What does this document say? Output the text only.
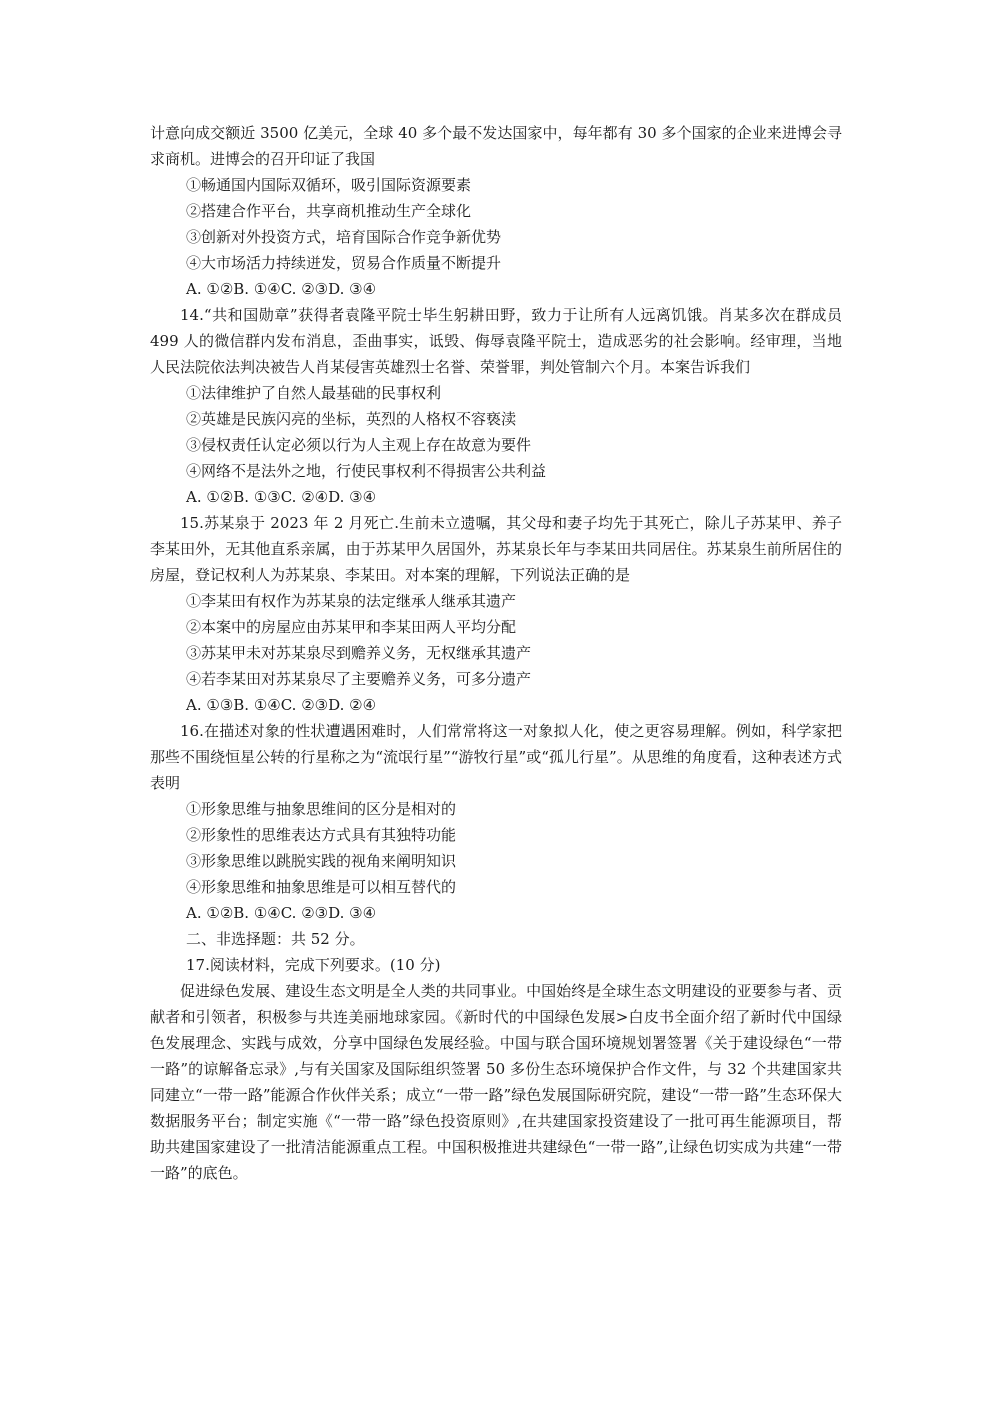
计意向成交额近 3500 亿美元，全球 40 多个最不发达国家中，每年都有 30 多个国家的企业来进博会寻求商机。进博会的召开印证了我国

①畅通国内国际双循环，吸引国际资源要素

②搭建合作平台，共享商机推动生产全球化

③创新对外投资方式，培育国际合作竞争新优势

④大市场活力持续迸发，贸易合作质量不断提升

A. ①②B. ①④C. ②③D. ③④

14.“共和国勋章”获得者袁隆平院士毕生躬耕田野，致力于让所有人远离饥饿。肖某多次在群成员 499 人的微信群内发布消息，歪曲事实，诋毁、侮辱袁隆平院士，造成恶劣的社会影响。经审理，当地人民法院依法判决被告人肖某侵害英雄烈士名誉、荣誉罪，判处管制六个月。本案告诉我们

①法律维护了自然人最基础的民事权利

②英雄是民族闪亮的坐标，英烈的人格权不容亵渎

③侵权责任认定必须以行为人主观上存在故意为要件

④网络不是法外之地，行使民事权利不得损害公共利益

A. ①②B. ①③C. ②④D. ③④

15.苏某泉于 2023 年 2 月死亡.生前未立遗嘱，其父母和妻子均先于其死亡，除儿子苏某甲、养子李某田外，无其他直系亲属，由于苏某甲久居国外，苏某泉长年与李某田共同居住。苏某泉生前所居住的房屋，登记权利人为苏某泉、李某田。对本案的理解，下列说法正确的是

①李某田有权作为苏某泉的法定继承人继承其遗产

②本案中的房屋应由苏某甲和李某田两人平均分配

③苏某甲未对苏某泉尽到赡养义务，无权继承其遗产

④若李某田对苏某泉尽了主要赡养义务，可多分遗产

A. ①③B. ①④C. ②③D. ②④

16.在描述对象的性状遭遇困难时，人们常常将这一对象拟人化，使之更容易理解。例如，科学家把那些不围绕恒星公转的行星称之为“流氓行星”“游牧行星”或“孤儿行星”。从思维的角度看，这种表述方式表明

①形象思维与抽象思维间的区分是相对的

②形象性的思维表达方式具有其独特功能

③形象思维以跳脱实践的视角来阐明知识

④形象思维和抽象思维是可以相互替代的

A. ①②B. ①④C. ②③D. ③④

二、非选择题：共 52 分。

17.阅读材料，完成下列要求。(10 分)

促进绿色发展、建设生态文明是全人类的共同事业。中国始终是全球生态文明建设的亚要参与者、贡献者和引领者，积极参与共连美丽地球家园。《新时代的中国绿色发展>白皮书全面介绍了新时代中国绿色发展理念、实践与成效，分享中国绿色发展经验。中国与联合国环境规划署签署《关于建设绿色“一带一路”的谅解备忘录》,与有关国家及国际组织签署 50 多份生态环境保护合作文件，与 32 个共建国家共同建立“一带一路”能源合作伙伴关系；成立“一带一路”绿色发展国际研究院，建设“一带一路”生态环保大数据服务平台；制定实施《“一带一路”绿色投资原则》,在共建国家投资建设了一批可再生能源项目，帮助共建国家建设了一批清洁能源重点工程。中国积极推进共建绿色“一带一路”,让绿色切实成为共建“一带一路”的底色。
